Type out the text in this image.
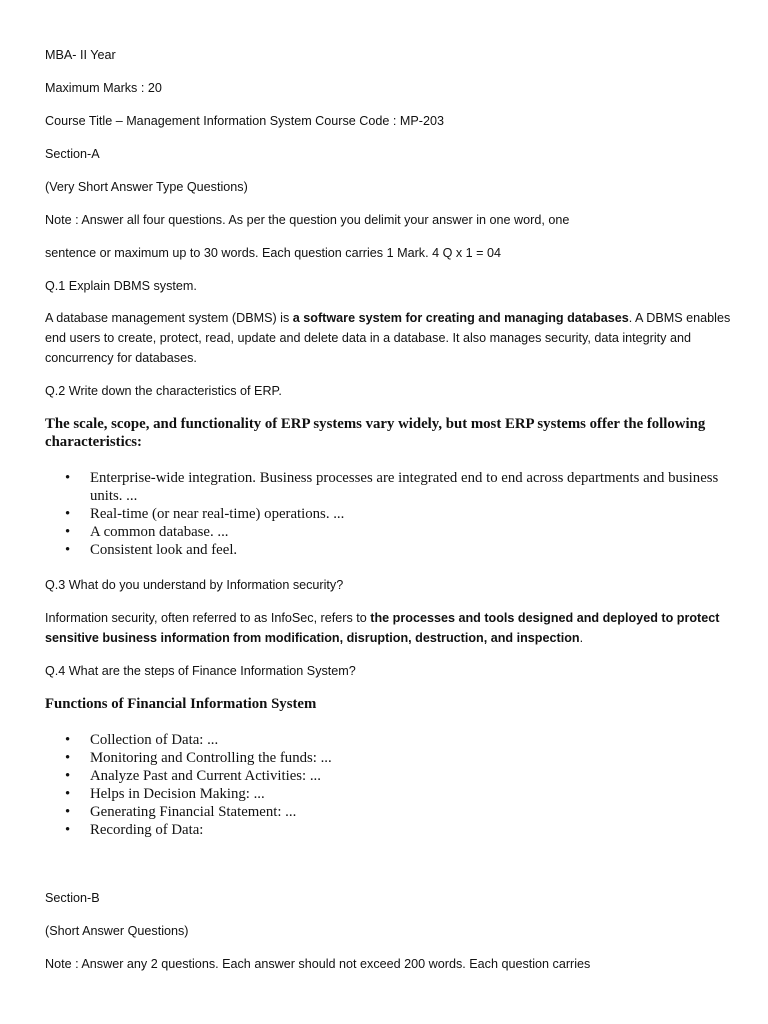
MBA- II Year

Maximum Marks : 20

Course Title – Management Information System Course Code : MP-203

Section-A

(Very Short Answer Type Questions)

Note : Answer all four questions. As per the question you delimit your answer in one word, one

sentence or maximum up to 30 words. Each question carries 1 Mark. 4 Q x 1 = 04

Q.1 Explain DBMS system.

A database management system (DBMS) is a software system for creating and managing databases. A DBMS enables end users to create, protect, read, update and delete data in a database. It also manages security, data integrity and concurrency for databases.

Q.2 Write down the characteristics of ERP.

The scale, scope, and functionality of ERP systems vary widely, but most ERP systems offer the following characteristics:

• Enterprise-wide integration. Business processes are integrated end to end across departments and business units. ...
• Real-time (or near real-time) operations. ...
• A common database. ...
• Consistent look and feel.

Q.3 What do you understand by Information security?

Information security, often referred to as InfoSec, refers to the processes and tools designed and deployed to protect sensitive business information from modification, disruption, destruction, and inspection.

Q.4 What are the steps of Finance Information System?

Functions of Financial Information System

• Collection of Data: ...
• Monitoring and Controlling the funds: ...
• Analyze Past and Current Activities: ...
• Helps in Decision Making: ...
• Generating Financial Statement: ...
• Recording of Data:

Section-B

(Short Answer Questions)

Note : Answer any 2 questions. Each answer should not exceed 200 words. Each question carries
